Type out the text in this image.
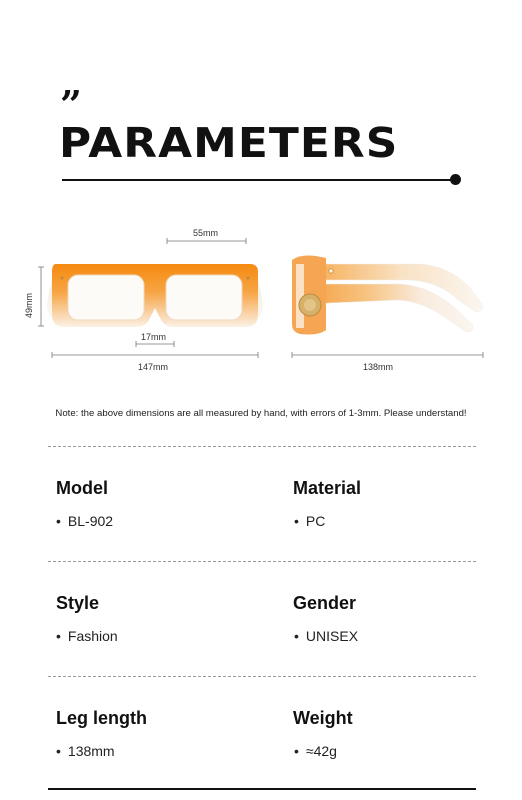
”
PARAMETERS
55mm
49mm
17mm
147mm	138mm

Note: the above dimensions are all measured by hand, with errors of 1-3mm. Please understand!

Model

• BL-902

Material

• PC

Style

• Fashion

Gender

• UNISEX

Leg length

• 138mm

Weight

• ≈42g
